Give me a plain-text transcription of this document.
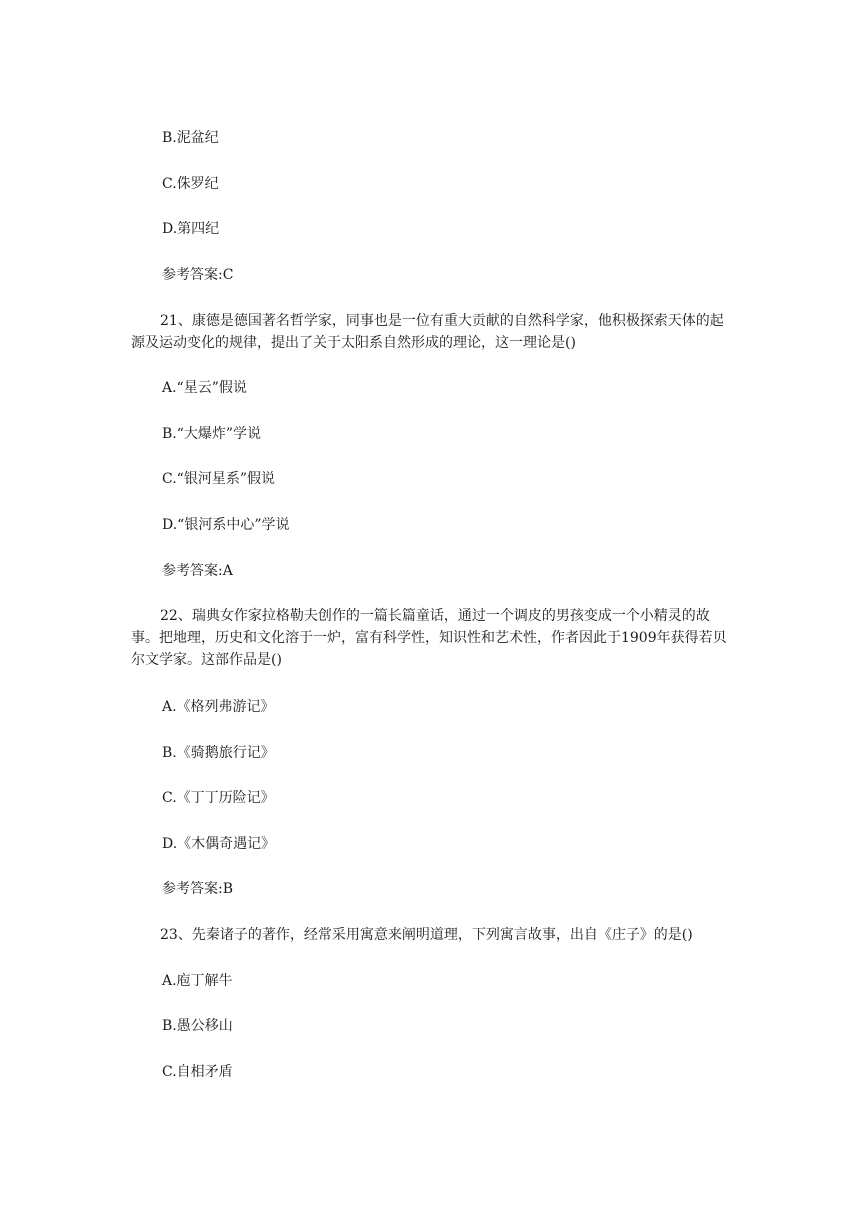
B.泥盆纪
C.侏罗纪
D.第四纪
参考答案:C
21、康德是德国著名哲学家，同事也是一位有重大贡献的自然科学家，他积极探索天体的起源及运动变化的规律，提出了关于太阳系自然形成的理论，这一理论是()
A.“星云”假说
B.“大爆炸”学说
C.“银河星系”假说
D.“银河系中心”学说
参考答案:A
22、瑞典女作家拉格勒夫创作的一篇长篇童话，通过一个调皮的男孩变成一个小精灵的故事。把地理，历史和文化溶于一炉，富有科学性，知识性和艺术性，作者因此于1909年获得若贝尔文学家。这部作品是()
A.《格列弗游记》
B.《骑鹅旅行记》
C.《丁丁历险记》
D.《木偶奇遇记》
参考答案:B
23、先秦诸子的著作，经常采用寓意来阐明道理，下列寓言故事，出自《庄子》的是()
A.庖丁解牛
B.愚公移山
C.自相矛盾
